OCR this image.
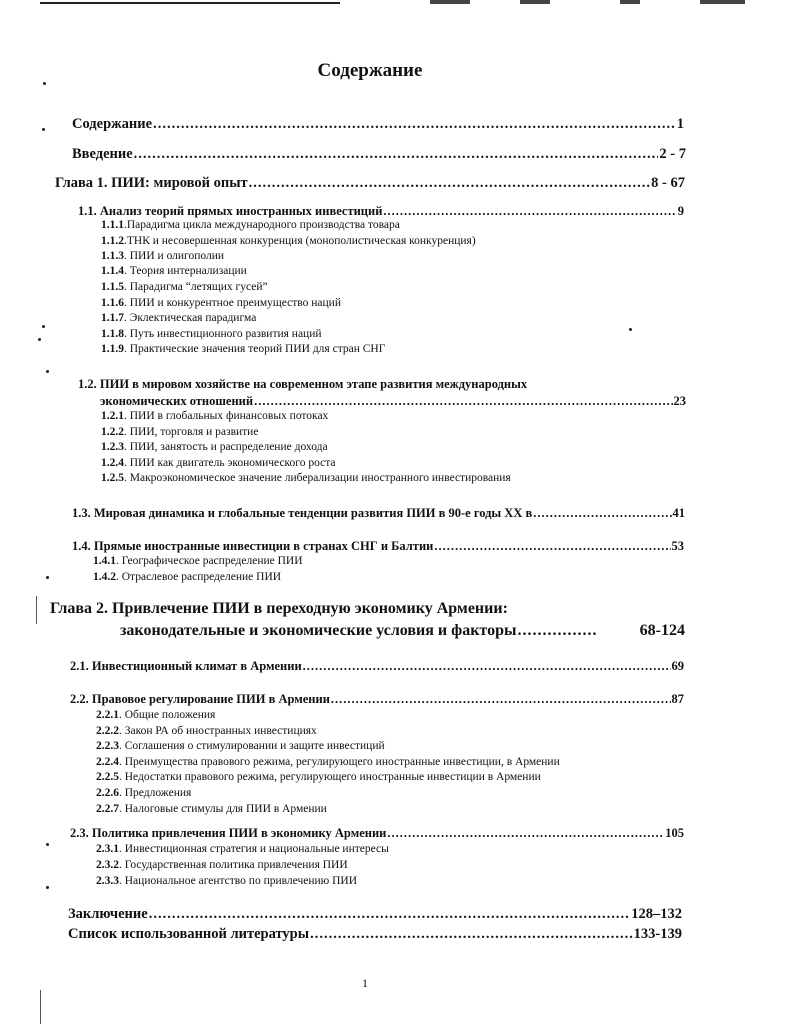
Содержание
Содержание .....	1
Введение .....	2 - 7
Глава 1. ПИИ: мировой опыт .....	8 - 67
1.1. Анализ теорий прямых иностранных инвестиций .....	9
1.1.1.Парадигма цикла международного производства товара
1.1.2.ТНК и несовершенная конкуренция (монополистическая конкуренция)
1.1.3. ПИИ и олигополии
1.1.4. Теория интернализации
1.1.5. Парадигма “летящих гусей”
1.1.6. ПИИ и конкурентное преимущество наций
1.1.7. Эклектическая парадигма
1.1.8. Путь инвестиционного развития наций
1.1.9. Практические значения теорий ПИИ для стран СНГ
1.2. ПИИ в мировом хозяйстве на современном этапе развития международных
экономических отношений .....	23
1.2.1. ПИИ в глобальных финансовых потоках
1.2.2. ПИИ, торговля и развитие
1.2.3. ПИИ, занятость и распределение дохода
1.2.4. ПИИ как двигатель экономического роста
1.2.5. Макроэкономическое значение либерализации иностранного инвестирования
1.3. Мировая динамика и глобальные тенденции развития ПИИ в 90-е годы XX в .....	41
1.4. Прямые иностранные инвестиции в странах СНГ и Балтии .....	53
1.4.1. Географическое распределение ПИИ
1.4.2. Отраслевое распределение ПИИ
Глава 2. Привлечение ПИИ в переходную экономику Армении:
законодательные и экономические условия и факторы .....	68-124
2.1. Инвестиционный климат в Армении .....	69
2.2. Правовое регулирование ПИИ в Армении .....	87
2.2.1. Общие положения
2.2.2. Закон РА об иностранных инвестициях
2.2.3. Соглашения о стимулировании и защите инвестиций
2.2.4. Преимущества правового режима, регулирующего иностранные инвестиции, в Армении
2.2.5. Недостатки правового режима, регулирующего иностранные инвестиции в Армении
2.2.6. Предложения
2.2.7. Налоговые стимулы для ПИИ в Армении
2.3. Политика привлечения ПИИ в экономику Армении .....	105
2.3.1. Инвестиционная стратегия и национальные интересы
2.3.2. Государственная политика привлечения ПИИ
2.3.3. Национальное агентство по привлечению ПИИ
Заключение .....	128–132
Список использованной литературы .....	133-139
1
